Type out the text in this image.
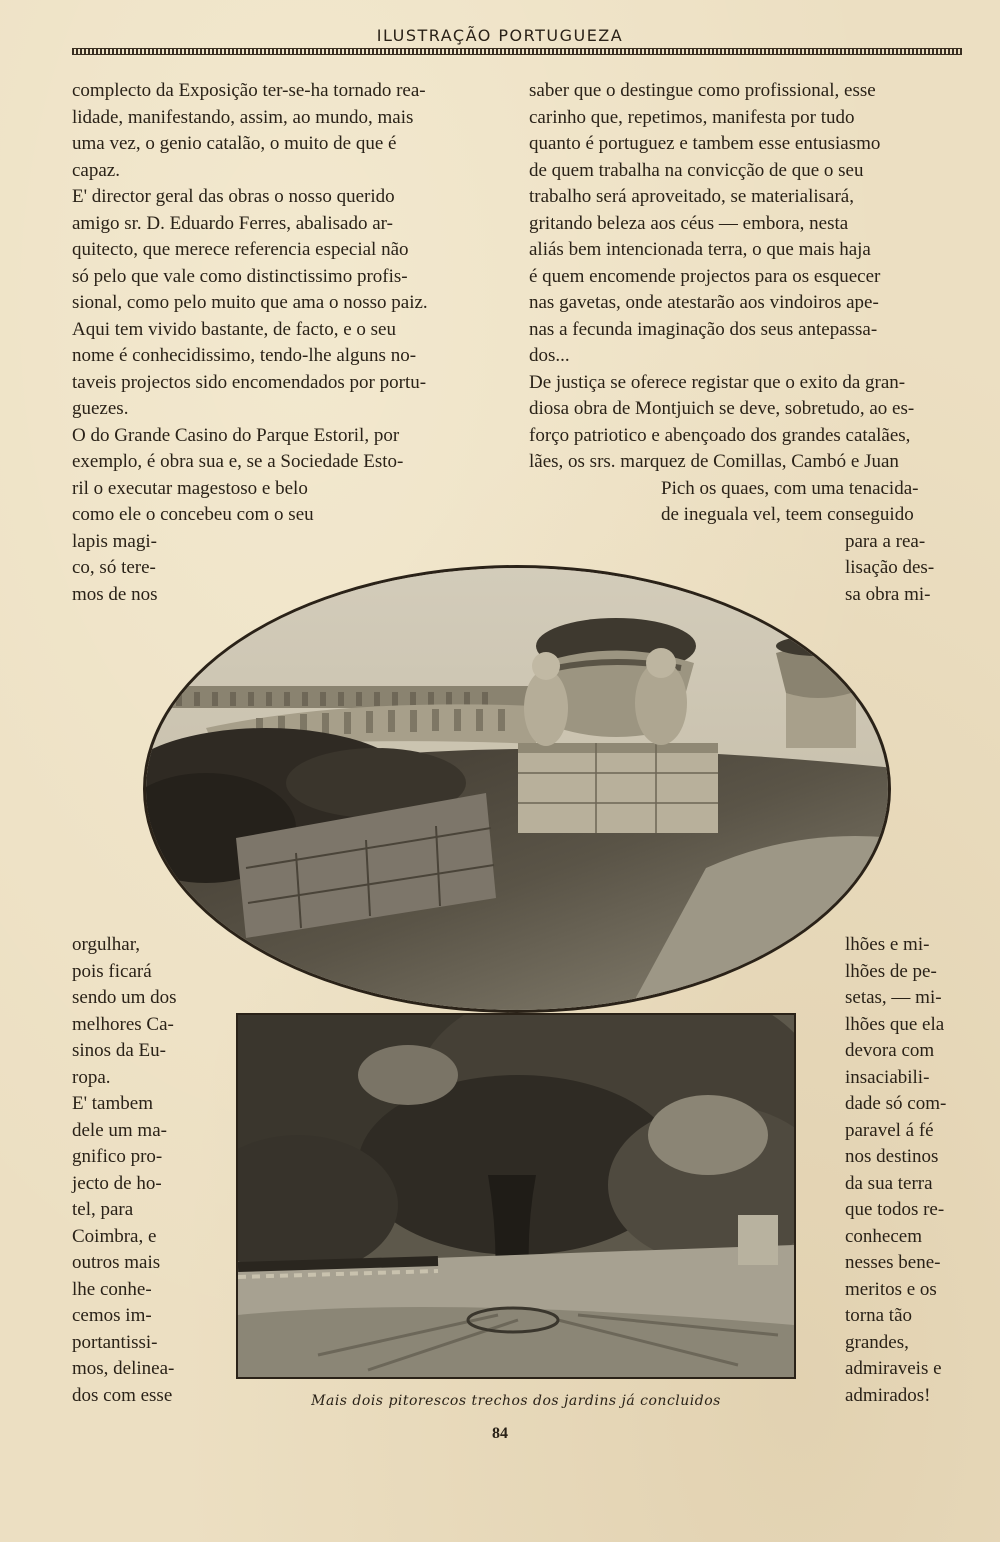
ILUSTRAÇÃO PORTUGUEZA
complecto da Exposição ter-se-ha tornado rea-
lidade, manifestando, assim, ao mundo, mais
uma vez, o genio catalão, o muito de que é
capaz.
E' director geral das obras o nosso querido
amigo sr. D. Eduardo Ferres, abalisado ar-
quitecto, que merece referencia especial não
só pelo que vale como distinctissimo profis-
sional, como pelo muito que ama o nosso paiz.
Aqui tem vivido bastante, de facto, e o seu
nome é conhecidissimo, tendo-lhe alguns no-
taveis projectos sido encomendados por portu-
guezes.
O do Grande Casino do Parque Estoril, por
exemplo, é obra sua e, se a Sociedade Esto-
ril o executar magestoso e belo
como ele o concebeu com o seu
lapis magi-
co, só tere-
mos de nos
saber que o destingue como profissional, esse
carinho que, repetimos, manifesta por tudo
quanto é portuguez e tambem esse entusiasmo
de quem trabalha na convicção de que o seu
trabalho será aproveitado, se materialisará,
gritando beleza aos céus — embora, nesta
aliás bem intencionada terra, o que mais haja
é quem encomende projectos para os esquecer
nas gavetas, onde atestarão aos vindoiros ape-
nas a fecunda imaginação dos seus antepassa-
dos...
De justiça se oferece registar que o exito da gran-
diosa obra de Montjuich se deve, sobretudo, ao es-
forço patriotico e abençoado dos grandes catalães,
lães, os srs. marquez de Comillas, Cambó e Juan
Pich os quaes, com uma tenacida-
de ineguala vel, teem conseguido
para a rea-
lisação des-
sa obra mi-
orgulhar,
pois ficará
sendo um dos
melhores Ca-
sinos da Eu-
ropa.
E' tambem
dele um ma-
gnifico pro-
jecto de ho-
tel, para
Coimbra, e
outros mais
lhe conhe-
cemos im-
portantissi-
mos, delinea-
dos com esse
lhões e mi-
lhões de pe-
setas, — mi-
lhões que ela
devora com
insaciabili-
dade só com-
paravel á fé
nos destinos
da sua terra
que todos re-
conhecem
nesses bene-
meritos e os
torna tão
grandes,
admiraveis e
admirados!
Mais dois pitorescos trechos dos jardins já concluidos
84
